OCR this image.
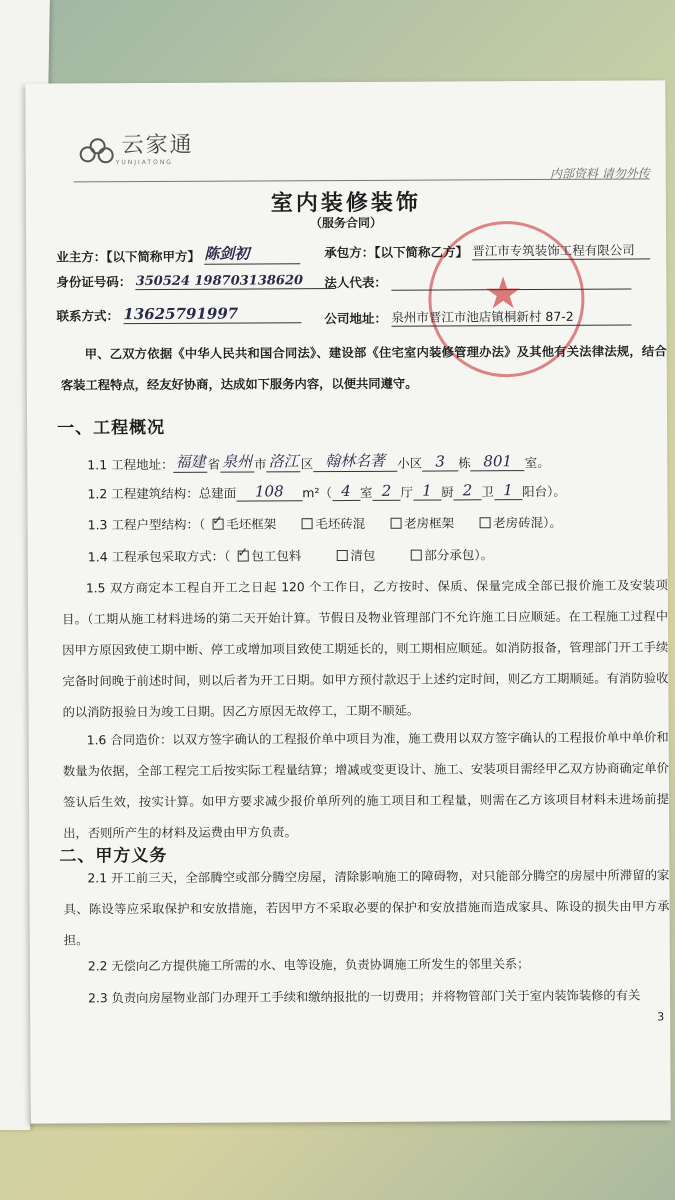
云家通
YUNJIATONG
内部资料 请勿外传
室内装修装饰
（服务合同）
★
业主方：【以下简称甲方】 陈剑初	承包方：【以下简称乙方】 晋江市专筑装饰工程有限公司
身份证号码： 350524 198703138620	法人代表：
联系方式： 13625791997	公司地址： 泉州市晋江市池店镇桐新村 87-2
甲、乙双方依据《中华人民共和国合同法》、建设部《住宅室内装修管理办法》及其他有关法律法规，结合客装工程特点，经友好协商，达成如下服务内容，以便共同遵守。
一、工程概况
1.1 工程地址： 福建 省 泉州 市 洛江 区 翰林名著 小区 3 栋 801 室。
1.2 工程建筑结构：总建面 108 m²（ 4 室 2 厅 1 厨 2 卫 1 阳台）。
1.3 工程户型结构：（ ✓ 毛坯框架	毛坯砖混	老房框架	老房砖混）。
1.4 工程承包采取方式：（ ✓ 包工包料	清包	部分承包）。
1.5 双方商定本工程自开工之日起 120 个工作日，乙方按时、保质、保量完成全部已报价施工及安装项目。（工期从施工材料进场的第二天开始计算。节假日及物业管理部门不允许施工日应顺延。在工程施工过程中因甲方原因致使工期中断、停工或增加项目致使工期延长的，则工期相应顺延。如消防报备，管理部门开工手续完备时间晚于前述时间，则以后者为开工日期。如甲方预付款迟于上述约定时间，则乙方工期顺延。有消防验收的以消防报验日为竣工日期。因乙方原因无故停工，工期不顺延。
1.6 合同造价：以双方签字确认的工程报价单中项目为准，施工费用以双方签字确认的工程报价单中单价和数量为依据，全部工程完工后按实际工程量结算；增减或变更设计、施工、安装项目需经甲乙双方协商确定单价签认后生效，按实计算。如甲方要求减少报价单所列的施工项目和工程量，则需在乙方该项目材料未进场前提出，否则所产生的材料及运费由甲方负责。
二、甲方义务
2.1 开工前三天，全部腾空或部分腾空房屋，清除影响施工的障碍物，对只能部分腾空的房屋中所滞留的家具、陈设等应采取保护和安放措施，若因甲方不采取必要的保护和安放措施而造成家具、陈设的损失由甲方承担。
2.2 无偿向乙方提供施工所需的水、电等设施，负责协调施工所发生的邻里关系；
2.3 负责向房屋物业部门办理开工手续和缴纳报批的一切费用；并将物管部门关于室内装饰装修的有关
3
